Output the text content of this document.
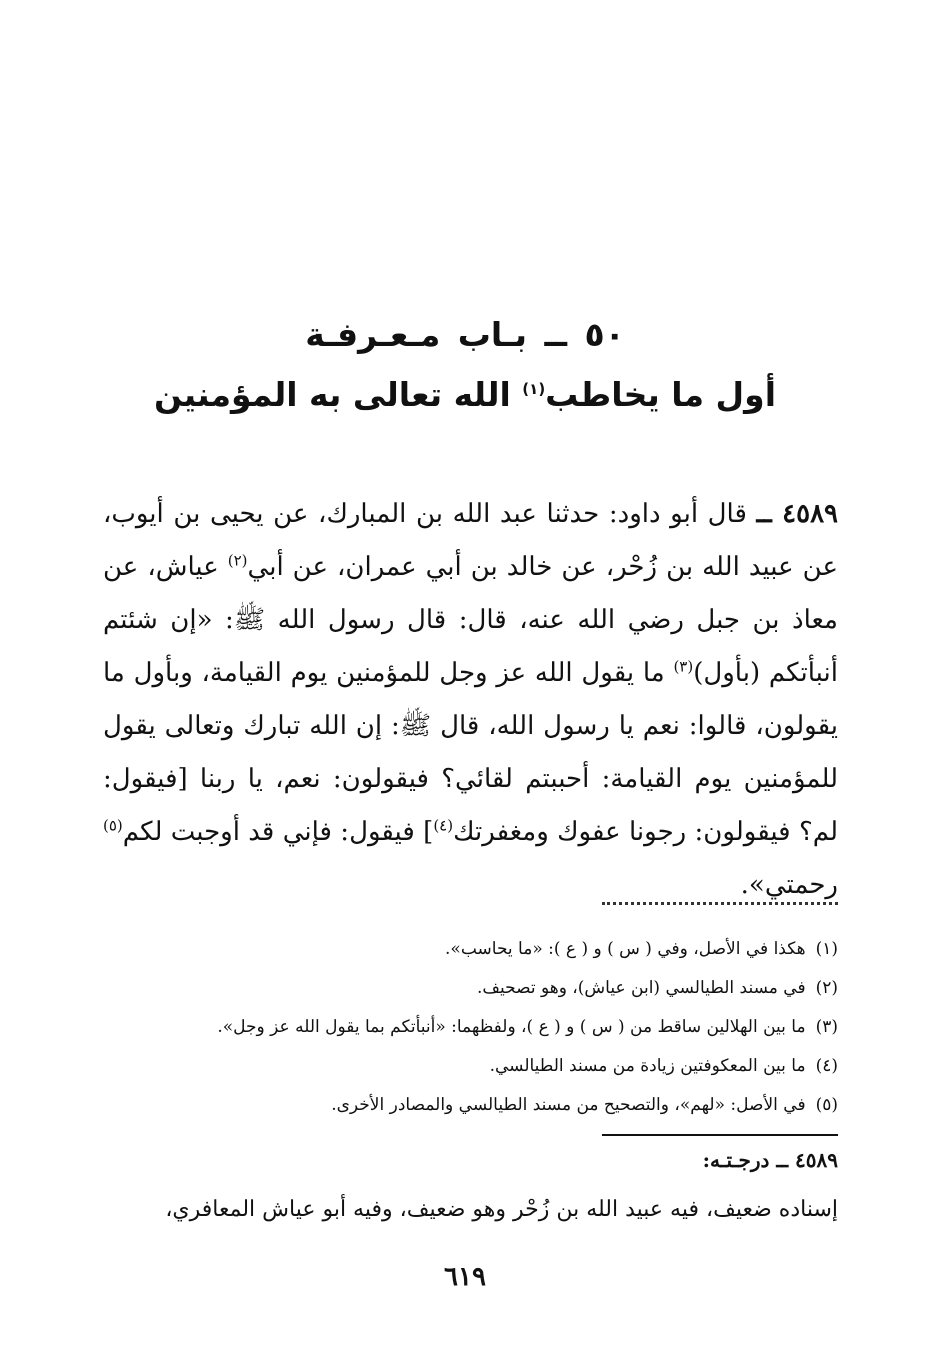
٥٠ ــ بـاب مـعـرفـة
أول ما يخاطب$^{(١)}$ الله تعالى به المؤمنين
٤٥٨٩ ــ قال أبو داود: حدثنا عبد الله بن المبارك، عن يحيى بن أيوب، عن عبيد الله بن زُحْر، عن خالد بن أبي عمران، عن أبي$^{(٢)}$ عياش، عن معاذ بن جبل رضي الله عنه، قال: قال رسول الله ﷺ: «إن شئتم أنبأتكم (بأول)$^{(٣)}$ ما يقول الله عز وجل للمؤمنين يوم القيامة، وبأول ما يقولون، قالوا: نعم يا رسول الله، قال ﷺ: إن الله تبارك وتعالى يقول للمؤمنين يوم القيامة: أحببتم لقائي؟ فيقولون: نعم، يا ربنا [فيقول: لم؟ فيقولون: رجونا عفوك ومغفرتك$^{(٤)}$] فيقول: فإني قد أوجبت لكم$^{(٥)}$ رحمتي».
(١)هكذا في الأصل، وفي ( س ) و ( ع ): «ما يحاسب».
(٢)في مسند الطيالسي (ابن عياش)، وهو تصحيف.
(٣)ما بين الهلالين ساقط من ( س ) و ( ع )، ولفظهما: «أنبأتكم بما يقول الله عز وجل».
(٤)ما بين المعكوفتين زيادة من مسند الطيالسي.
(٥)في الأصل: «لهم»، والتصحيح من مسند الطيالسي والمصادر الأخرى.
٤٥٨٩ ــ درجـتـه:
إسناده ضعيف، فيه عبيد الله بن زُحْر وهو ضعيف، وفيه أبو عياش المعافري،
٦١٩
